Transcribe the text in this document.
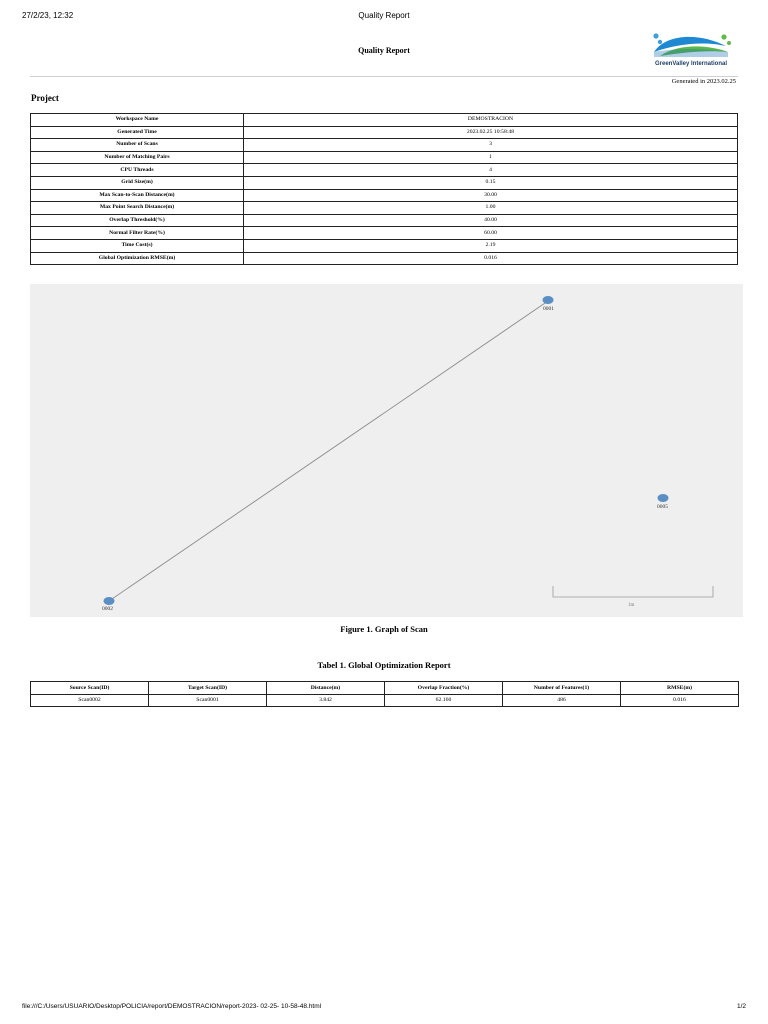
27/2/23, 12:32	Quality Report
Quality Report
GreenValley International
Generated in 2023.02.25
Project
Workspace Name	DEMOSTRACION
Generated Time	2023.02.25 10:58:48
Number of Scans	3
Number of Matching Pairs	1
CPU Threads	4
Grid Size(m)	0.15
Max Scan-to-Scan Distance(m)	30.00
Max Point Search Distance(m)	1.00
Overlap Threshold(%)	40.00
Normal Filter Rate(%)	60.00
Time Cost(s)	2.19
Global Optimization RMSE(m)	0.016
0001
0005
0002
1m
Figure 1. Graph of Scan
Tabel 1. Global Optimization Report
Source Scan(ID)	Target Scan(ID)	Distance(m)	Overlap Fraction(%)	Number of Features(1)	RMSE(m)
Scan0002	Scan0001	3.842	62.160	486	0.016
file:///C:/Users/USUARIO/Desktop/POLICIA/report/DEMOSTRACION/report-2023- 02-25- 10-58-48.html	1/2
